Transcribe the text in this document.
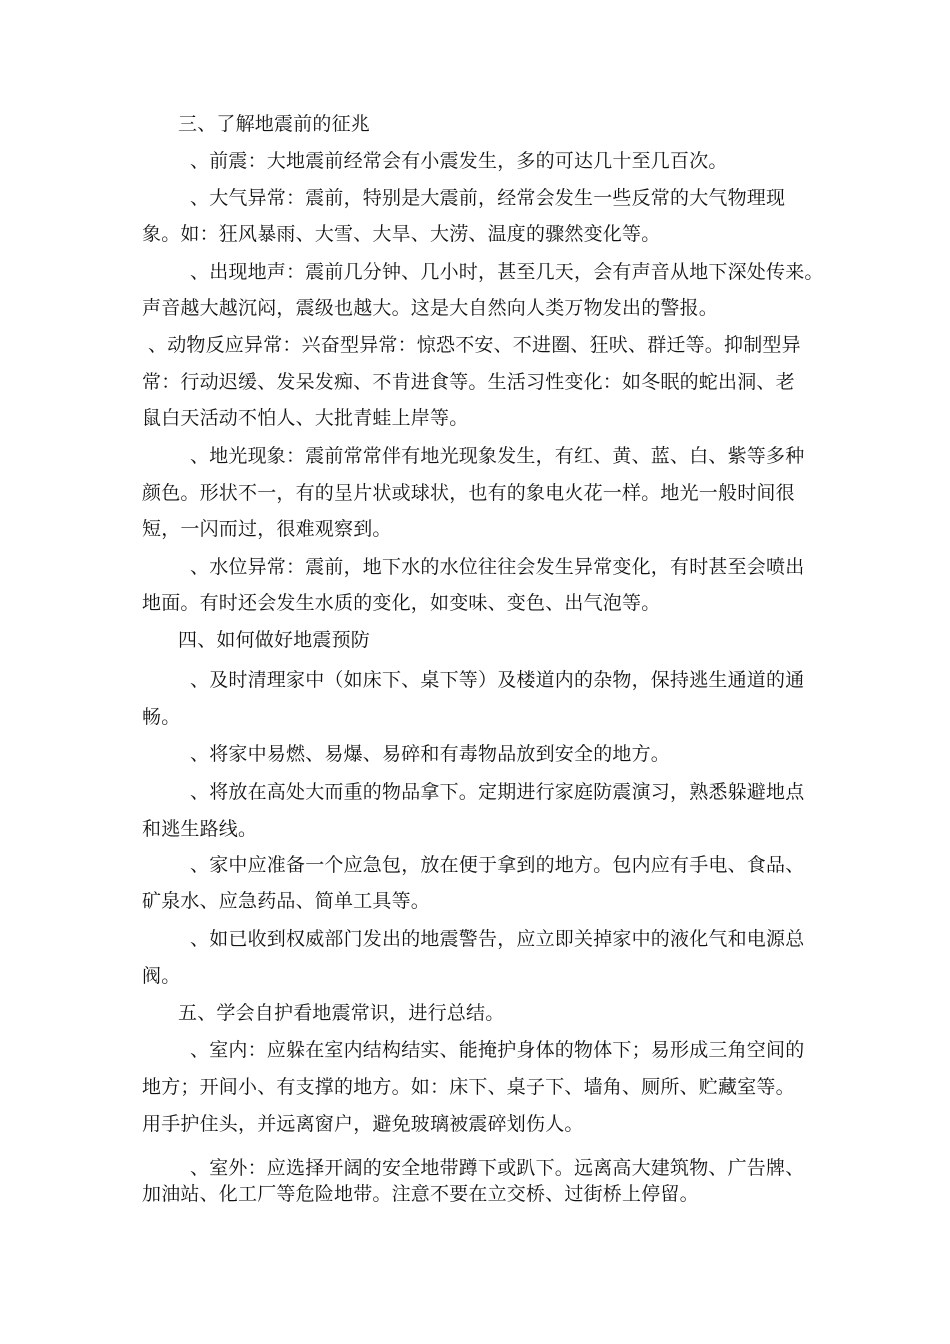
三、了解地震前的征兆
、前震：大地震前经常会有小震发生，多的可达几十至几百次。
、大气异常：震前，特别是大震前，经常会发生一些反常的大气物理现
象。如：狂风暴雨、大雪、大旱、大涝、温度的骤然变化等。
、出现地声：震前几分钟、几小时，甚至几天，会有声音从地下深处传来。
声音越大越沉闷，震级也越大。这是大自然向人类万物发出的警报。
、动物反应异常：兴奋型异常：惊恐不安、不进圈、狂吠、群迁等。抑制型异
常：行动迟缓、发呆发痴、不肯进食等。生活习性变化：如冬眠的蛇出洞、老
鼠白天活动不怕人、大批青蛙上岸等。
、地光现象：震前常常伴有地光现象发生，有红、黄、蓝、白、紫等多种
颜色。形状不一，有的呈片状或球状，也有的象电火花一样。地光一般时间很
短，一闪而过，很难观察到。
、水位异常：震前，地下水的水位往往会发生异常变化，有时甚至会喷出
地面。有时还会发生水质的变化，如变味、变色、出气泡等。
四、如何做好地震预防
、及时清理家中（如床下、桌下等）及楼道内的杂物，保持逃生通道的通
畅。
、将家中易燃、易爆、易碎和有毒物品放到安全的地方。
、将放在高处大而重的物品拿下。定期进行家庭防震演习，熟悉躲避地点
和逃生路线。
、家中应准备一个应急包，放在便于拿到的地方。包内应有手电、食品、
矿泉水、应急药品、简单工具等。
、如已收到权威部门发出的地震警告，应立即关掉家中的液化气和电源总
阀。
五、学会自护看地震常识，进行总结。
、室内：应躲在室内结构结实、能掩护身体的物体下；易形成三角空间的
地方；开间小、有支撑的地方。如：床下、桌子下、墙角、厕所、贮藏室等。
用手护住头，并远离窗户，避免玻璃被震碎划伤人。
、室外：应选择开阔的安全地带蹲下或趴下。远离高大建筑物、广告牌、
加油站、化工厂等危险地带。注意不要在立交桥、过街桥上停留。
